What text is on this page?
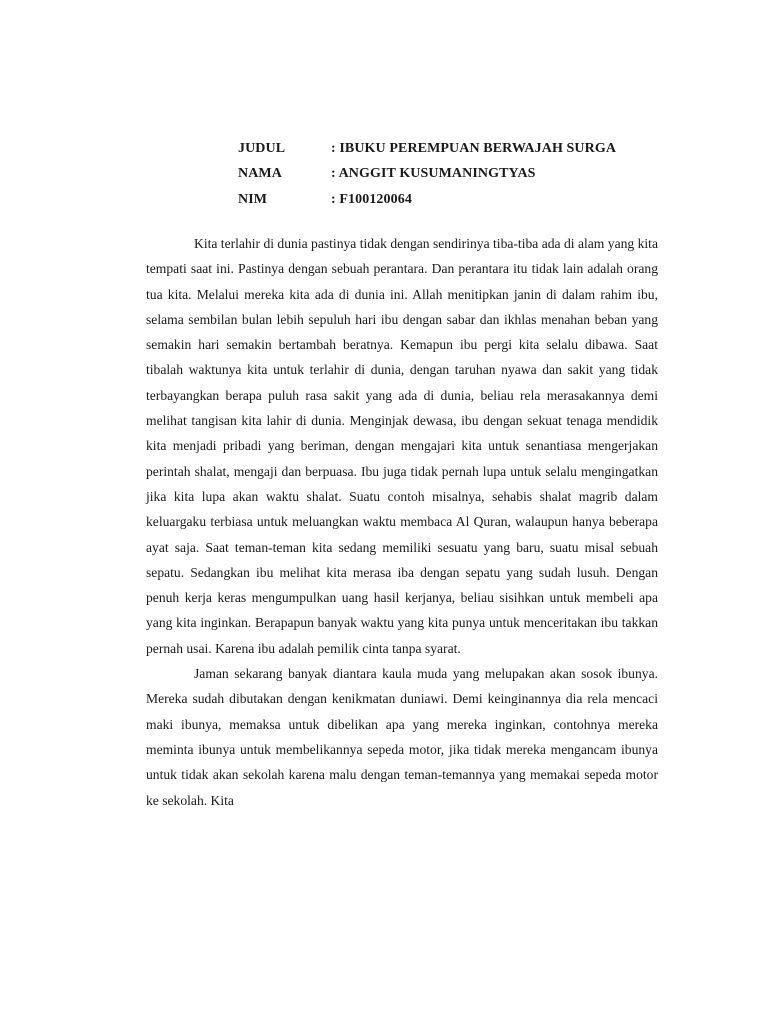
JUDUL	: IBUKU PEREMPUAN BERWAJAH SURGA
NAMA	: ANGGIT KUSUMANINGTYAS
NIM	: F100120064

Kita terlahir di dunia pastinya tidak dengan sendirinya tiba-tiba ada di alam yang kita tempati saat ini. Pastinya dengan sebuah perantara. Dan perantara itu tidak lain adalah orang tua kita. Melalui mereka kita ada di dunia ini. Allah menitipkan janin di dalam rahim ibu, selama sembilan bulan lebih sepuluh hari ibu dengan sabar dan ikhlas menahan beban yang semakin hari semakin bertambah beratnya. Kemapun ibu pergi kita selalu dibawa. Saat tibalah waktunya kita untuk terlahir di dunia, dengan taruhan nyawa dan sakit yang tidak terbayangkan berapa puluh rasa sakit yang ada di dunia, beliau rela merasakannya demi melihat tangisan kita lahir di dunia. Menginjak dewasa, ibu dengan sekuat tenaga mendidik kita menjadi pribadi yang beriman, dengan mengajari kita untuk senantiasa mengerjakan perintah shalat, mengaji dan berpuasa. Ibu juga tidak pernah lupa untuk selalu mengingatkan jika kita lupa akan waktu shalat. Suatu contoh misalnya, sehabis shalat magrib dalam keluargaku terbiasa untuk meluangkan waktu membaca Al Quran, walaupun hanya beberapa ayat saja. Saat teman-teman kita sedang memiliki sesuatu yang baru, suatu misal sebuah sepatu. Sedangkan ibu melihat kita merasa iba dengan sepatu yang sudah lusuh. Dengan penuh kerja keras mengumpulkan uang hasil kerjanya, beliau sisihkan untuk membeli apa yang kita inginkan. Berapapun banyak waktu yang kita punya untuk menceritakan ibu takkan pernah usai. Karena ibu adalah pemilik cinta tanpa syarat.

Jaman sekarang banyak diantara kaula muda yang melupakan akan sosok ibunya. Mereka sudah dibutakan dengan kenikmatan duniawi. Demi keinginannya dia rela mencaci maki ibunya, memaksa untuk dibelikan apa yang mereka inginkan, contohnya mereka meminta ibunya untuk membelikannya sepeda motor, jika tidak mereka mengancam ibunya untuk tidak akan sekolah karena malu dengan teman-temannya yang memakai sepeda motor ke sekolah. Kita
